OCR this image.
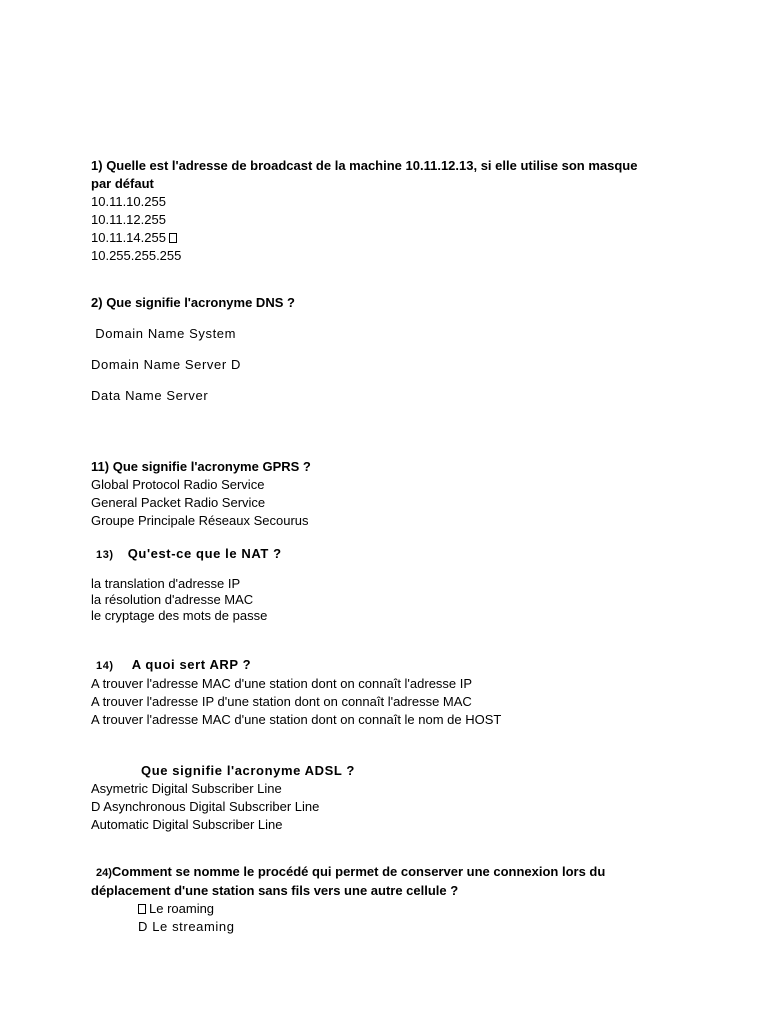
1) Quelle est l'adresse de broadcast de la machine 10.11.12.13, si elle utilise son masque
par défaut

10.11.10.255

10.11.12.255

10.11.14.255

10.255.255.255

2) Que signifie l'acronyme DNS ?

Domain Name System

Domain Name Server D

Data Name Server

11) Que signifie l'acronyme GPRS ?

Global Protocol Radio Service

General Packet Radio Service

Groupe Principale Réseaux Secourus

13) Qu'est-ce que le NAT ?

la translation d'adresse IP

la résolution d'adresse MAC

le cryptage des mots de passe

14) A quoi sert ARP ?

A trouver l'adresse MAC d'une station dont on connaît l'adresse IP

A trouver l'adresse IP d'une station dont on connaît l'adresse MAC

A trouver l'adresse MAC d'une station dont on connaît le nom de HOST

Que signifie l'acronyme ADSL ?

Asymetric Digital Subscriber Line

D Asynchronous Digital Subscriber Line

Automatic Digital Subscriber Line

24)Comment se nomme le procédé qui permet de conserver une connexion lors du
déplacement d'une station sans fils vers une autre cellule ?

Le roaming

D Le streaming
